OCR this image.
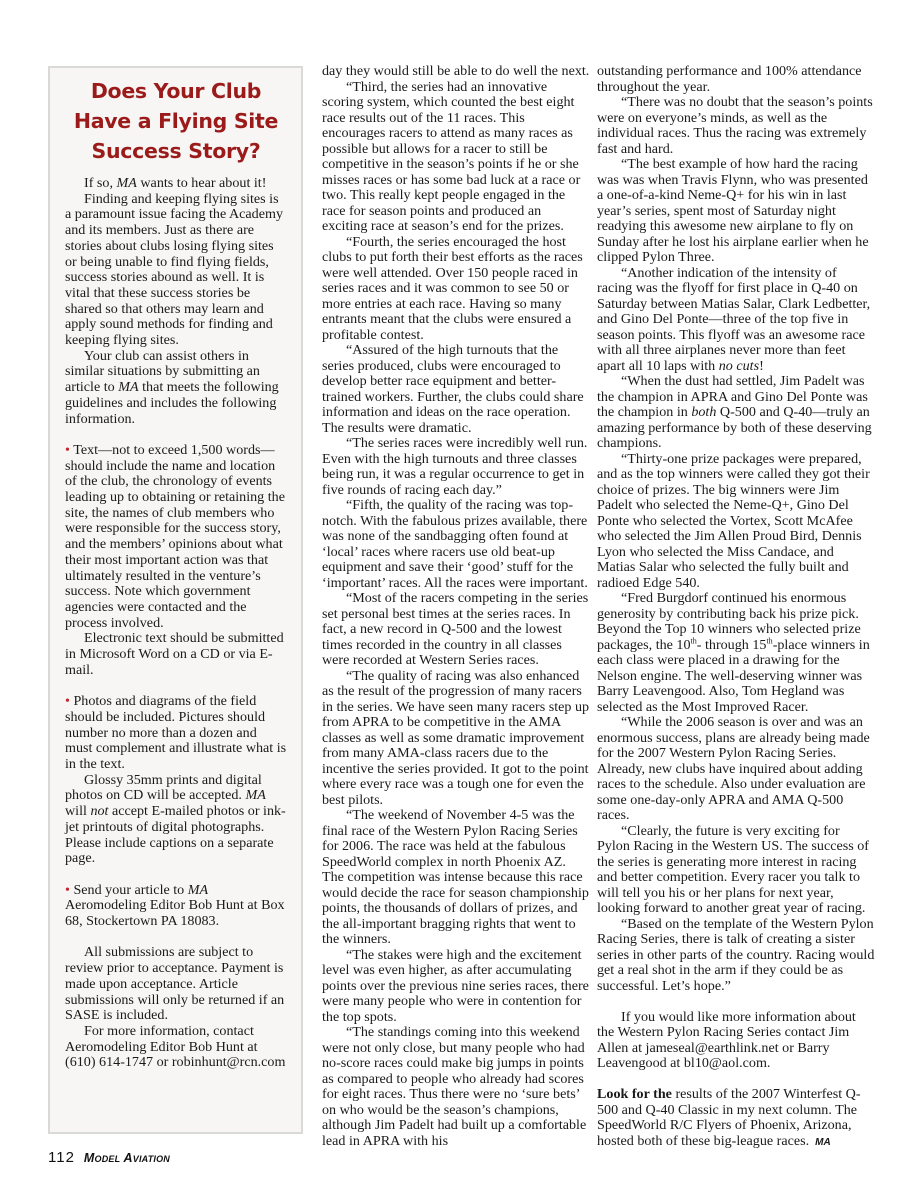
Does Your Club
Have a Flying Site
Success Story?

If so, MA wants to hear about it!

Finding and keeping flying sites is a paramount issue facing the Academy and its members. Just as there are stories about clubs losing flying sites or being unable to find flying fields, success stories abound as well. It is vital that these success stories be shared so that others may learn and apply sound methods for finding and keeping flying sites.

Your club can assist others in similar situations by submitting an article to MA that meets the following guidelines and includes the following information.

• Text—not to exceed 1,500 words—should include the name and location of the club, the chronology of events leading up to obtaining or retaining the site, the names of club members who were responsible for the success story, and the members’ opinions about what their most important action was that ultimately resulted in the venture’s success. Note which government agencies were contacted and the process involved.

Electronic text should be submitted in Microsoft Word on a CD or via E-mail.

• Photos and diagrams of the field should be included. Pictures should number no more than a dozen and must complement and illustrate what is in the text.

Glossy 35mm prints and digital photos on CD will be accepted. MA will not accept E-mailed photos or ink-jet printouts of digital photographs. Please include captions on a separate page.

• Send your article to MA Aeromodeling Editor Bob Hunt at Box 68, Stockertown PA 18083.

All submissions are subject to review prior to acceptance. Payment is made upon acceptance. Article submissions will only be returned if an SASE is included.

For more information, contact Aeromodeling Editor Bob Hunt at (610) 614-1747 or robinhunt@rcn.com

day they would still be able to do well the next.

“Third, the series had an innovative scoring system, which counted the best eight race results out of the 11 races. This encourages racers to attend as many races as possible but allows for a racer to still be competitive in the season’s points if he or she misses races or has some bad luck at a race or two. This really kept people engaged in the race for season points and produced an exciting race at season’s end for the prizes.

“Fourth, the series encouraged the host clubs to put forth their best efforts as the races were well attended. Over 150 people raced in series races and it was common to see 50 or more entries at each race. Having so many entrants meant that the clubs were ensured a profitable contest.

“Assured of the high turnouts that the series produced, clubs were encouraged to develop better race equipment and better-trained workers. Further, the clubs could share information and ideas on the race operation. The results were dramatic.

“The series races were incredibly well run. Even with the high turnouts and three classes being run, it was a regular occurrence to get in five rounds of racing each day.”

“Fifth, the quality of the racing was top-notch. With the fabulous prizes available, there was none of the sandbagging often found at ‘local’ races where racers use old beat-up equipment and save their ‘good’ stuff for the ‘important’ races. All the races were important.

“Most of the racers competing in the series set personal best times at the series races. In fact, a new record in Q-500 and the lowest times recorded in the country in all classes were recorded at Western Series races.

“The quality of racing was also enhanced as the result of the progression of many racers in the series. We have seen many racers step up from APRA to be competitive in the AMA classes as well as some dramatic improvement from many AMA-class racers due to the incentive the series provided. It got to the point where every race was a tough one for even the best pilots.

“The weekend of November 4-5 was the final race of the Western Pylon Racing Series for 2006. The race was held at the fabulous SpeedWorld complex in north Phoenix AZ. The competition was intense because this race would decide the race for season championship points, the thousands of dollars of prizes, and the all-important bragging rights that went to the winners.

“The stakes were high and the excitement level was even higher, as after accumulating points over the previous nine series races, there were many people who were in contention for the top spots.

“The standings coming into this weekend were not only close, but many people who had no-score races could make big jumps in points as compared to people who already had scores for eight races. Thus there were no ‘sure bets’ on who would be the season’s champions, although Jim Padelt had built up a comfortable lead in APRA with his

outstanding performance and 100% attendance throughout the year.

“There was no doubt that the season’s points were on everyone’s minds, as well as the individual races. Thus the racing was extremely fast and hard.

“The best example of how hard the racing was was when Travis Flynn, who was presented a one-of-a-kind Neme-Q+ for his win in last year’s series, spent most of Saturday night readying this awesome new airplane to fly on Sunday after he lost his airplane earlier when he clipped Pylon Three.

“Another indication of the intensity of racing was the flyoff for first place in Q-40 on Saturday between Matias Salar, Clark Ledbetter, and Gino Del Ponte—three of the top five in season points. This flyoff was an awesome race with all three airplanes never more than feet apart all 10 laps with no cuts!

“When the dust had settled, Jim Padelt was the champion in APRA and Gino Del Ponte was the champion in both Q-500 and Q-40—truly an amazing performance by both of these deserving champions.

“Thirty-one prize packages were prepared, and as the top winners were called they got their choice of prizes. The big winners were Jim Padelt who selected the Neme-Q+, Gino Del Ponte who selected the Vortex, Scott McAfee who selected the Jim Allen Proud Bird, Dennis Lyon who selected the Miss Candace, and Matias Salar who selected the fully built and radioed Edge 540.

“Fred Burgdorf continued his enormous generosity by contributing back his prize pick. Beyond the Top 10 winners who selected prize packages, the 10th- through 15th-place winners in each class were placed in a drawing for the Nelson engine. The well-deserving winner was Barry Leavengood. Also, Tom Hegland was selected as the Most Improved Racer.

“While the 2006 season is over and was an enormous success, plans are already being made for the 2007 Western Pylon Racing Series. Already, new clubs have inquired about adding races to the schedule. Also under evaluation are some one-day-only APRA and AMA Q-500 races.

“Clearly, the future is very exciting for Pylon Racing in the Western US. The success of the series is generating more interest in racing and better competition. Every racer you talk to will tell you his or her plans for next year, looking forward to another great year of racing.

“Based on the template of the Western Pylon Racing Series, there is talk of creating a sister series in other parts of the country. Racing would get a real shot in the arm if they could be as successful. Let’s hope.”

If you would like more information about the Western Pylon Racing Series contact Jim Allen at jameseal@earthlink.net or Barry Leavengood at bl10@aol.com.

Look for the results of the 2007 Winterfest Q-500 and Q-40 Classic in my next column. The SpeedWorld R/C Flyers of Phoenix, Arizona, hosted both of these big-league races. MA

112 Model Aviation
